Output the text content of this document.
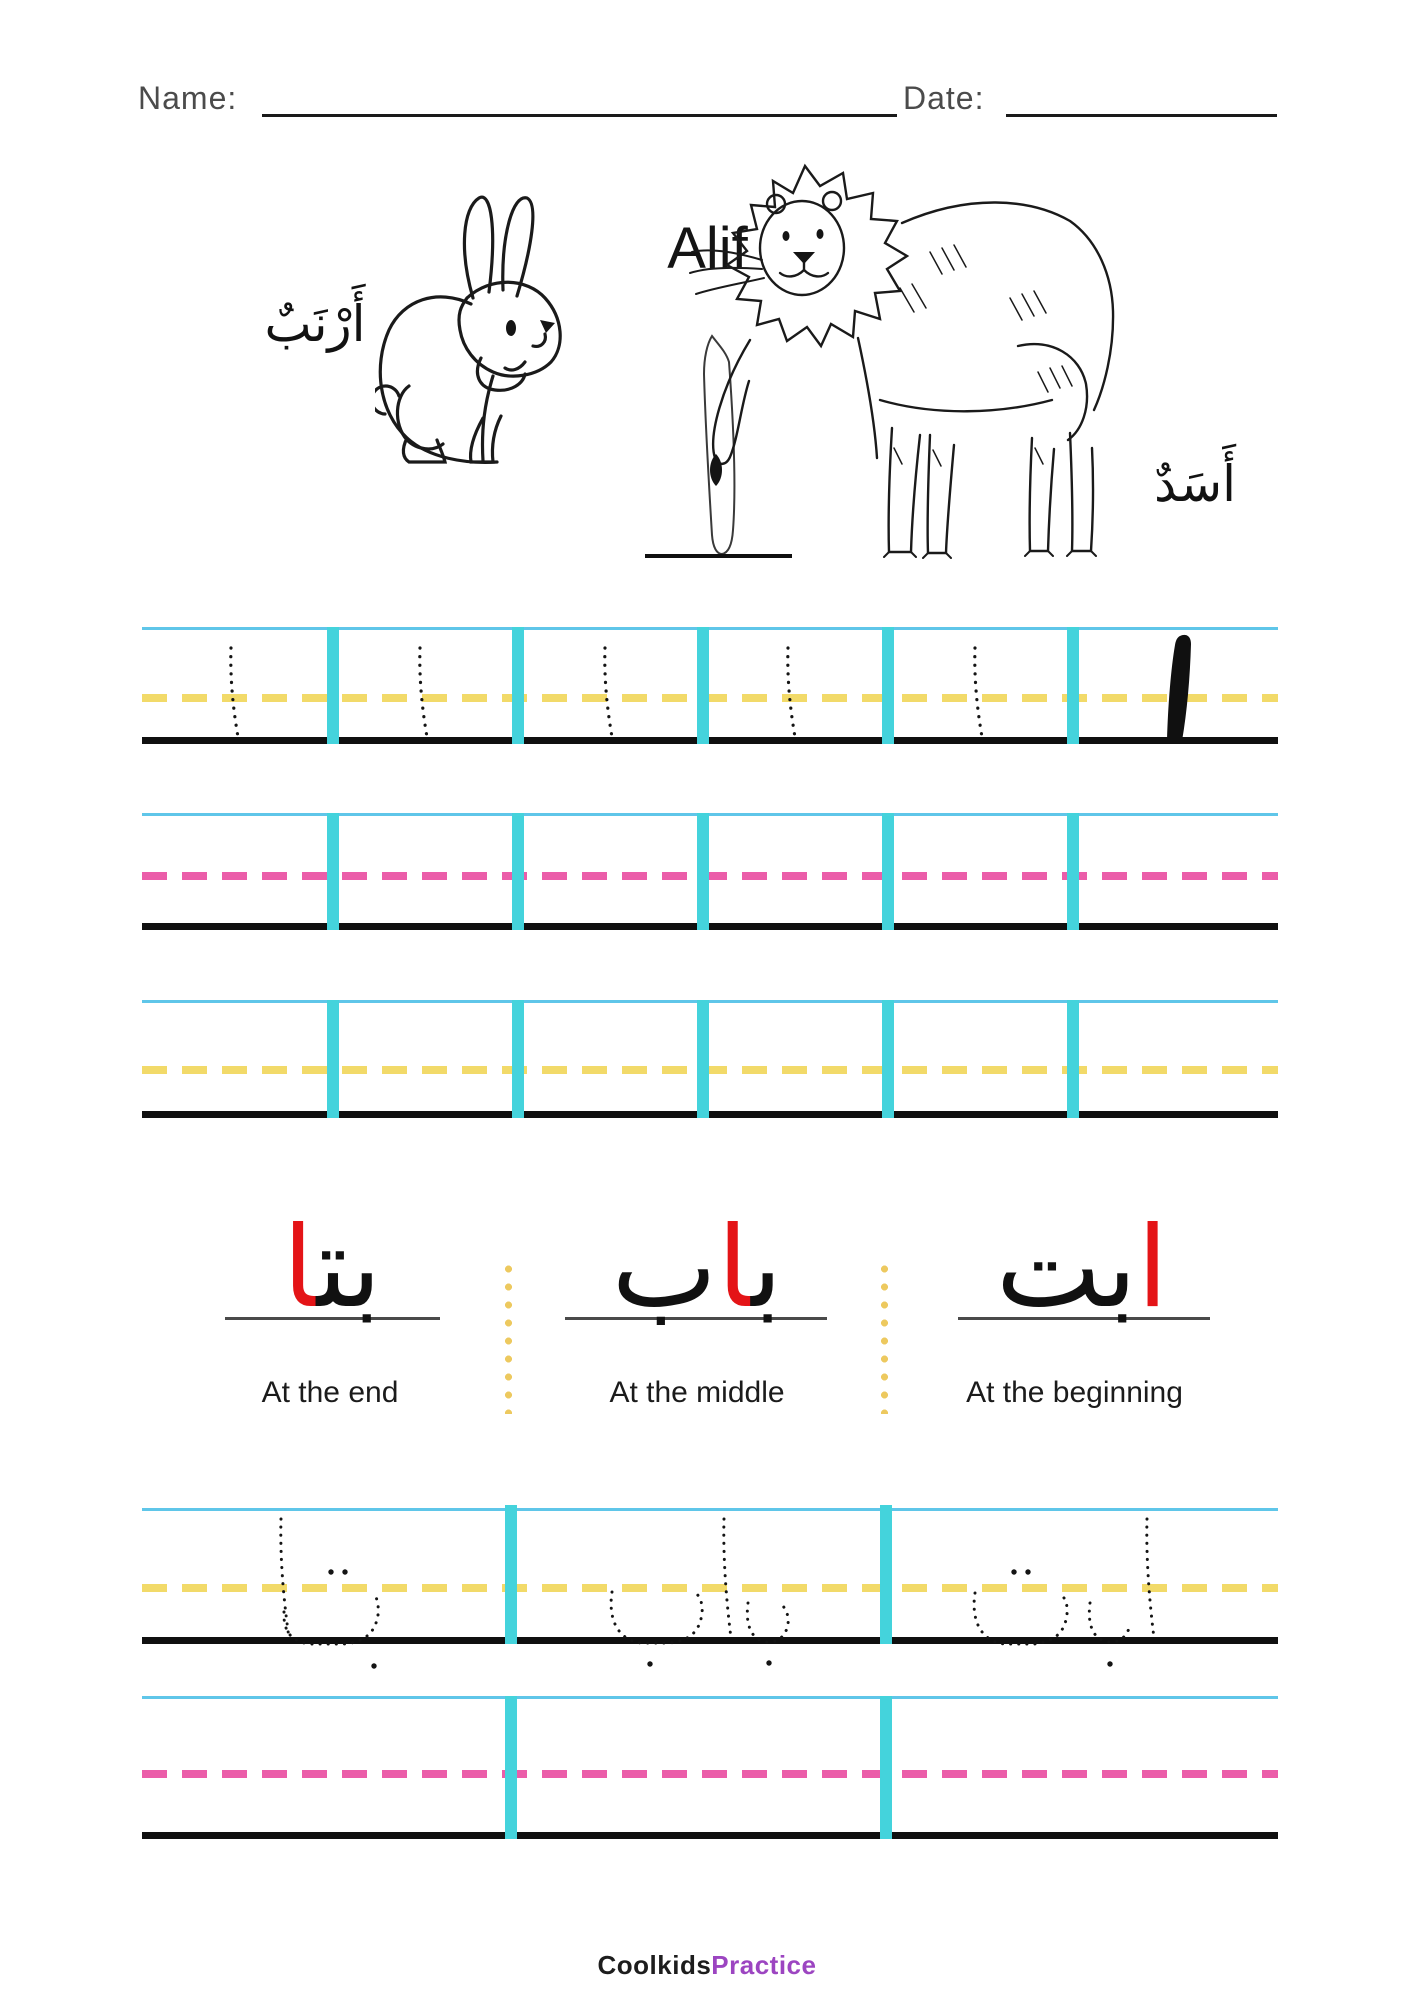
Name:	Date:
Alif
أَرْنَبٌ
أَسَدٌ
ﺑﺘﺎ
At the end
ﺑﺎﺏ
At the middle
ﺍﺑﺖ
At the beginning
CoolkidsPractice
